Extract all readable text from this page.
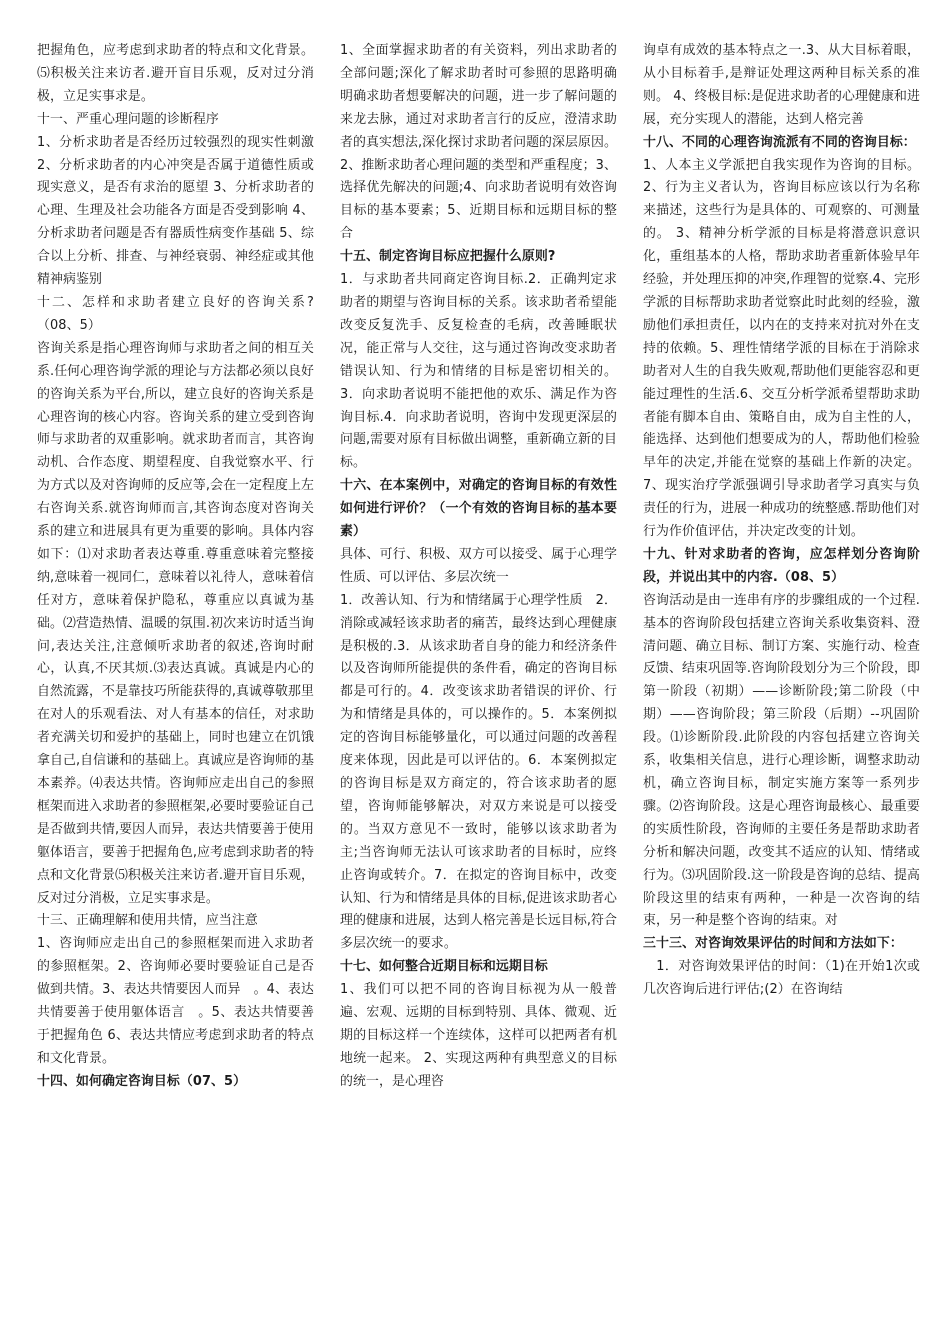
把握角色，应考虑到求助者的特点和文化背景。⑸积极关注来访者.避开盲目乐观，反对过分消极，立足实事求是。

十一、严重心理问题的诊断程序

1、分析求助者是否经历过较强烈的现实性刺激 2、分析求助者的内心冲突是否属于道德性质或现实意义，是否有求治的愿望 3、分析求助者的心理、生理及社会功能各方面是否受到影响 4、分析求助者问题是否有器质性病变作基础 5、综合以上分析、排查、与神经衰弱、神经症或其他精神病鉴别

十二、怎样和求助者建立良好的咨询关系?（08、5）

咨询关系是指心理咨询师与求助者之间的相互关系.任何心理咨询学派的理论与方法都必须以良好的咨询关系为平台,所以，建立良好的咨询关系是心理咨询的核心内容。咨询关系的建立受到咨询师与求助者的双重影响。就求助者而言，其咨询动机、合作态度、期望程度、自我觉察水平、行为方式以及对咨询师的反应等,会在一定程度上左右咨询关系.就咨询师而言,其咨询态度对咨询关系的建立和进展具有更为重要的影响。具体内容如下：⑴对求助者表达尊重.尊重意味着完整接纳,意味着一视同仁，意味着以礼待人，意味着信任对方，意味着保护隐私，尊重应以真诚为基础。⑵营造热情、温暖的氛围.初次来访时适当询问,表达关注,注意倾听求助者的叙述,咨询时耐心，认真,不厌其烦.⑶表达真诚。真诚是内心的自然流露，不是靠技巧所能获得的,真诚尊敬那里在对人的乐观看法、对人有基本的信任，对求助者充满关切和爱护的基础上，同时也建立在饥饿拿自己,自信谦和的基础上。真诚应是咨询师的基本素养。⑷表达共情。咨询师应走出自己的参照框架而进入求助者的参照框架,必要时要验证自己是否做到共情,要因人而异，表达共情要善于使用躯体语言，要善于把握角色,应考虑到求助者的特点和文化背景⑸积极关注来访者.避开盲目乐观，反对过分消极，立足实事求是。

十三、正确理解和使用共情，应当注意

1、咨询师应走出自己的参照框架而进入求助者的参照框架。2、咨询师必要时要验证自己是否做到共情。3、表达共情要因人而异　。4、表达共情要善于使用躯体语言　。5、表达共情要善于把握角色 6、表达共情应考虑到求助者的特点和文化背景。

十四、如何确定咨询目标（07、5）

1、全面掌握求助者的有关资料，列出求助者的全部问题;深化了解求助者时可参照的思路明确明确求助者想要解决的问题，进一步了解问题的来龙去脉，通过对求助者言行的反应，澄清求助者的真实想法,深化探讨求助者问题的深层原因。2、推断求助者心理问题的类型和严重程度；3、选择优先解决的问题;4、向求助者说明有效咨询目标的基本要素；5、近期目标和远期目标的整合

十五、制定咨询目标应把握什么原则?

1．与求助者共同商定咨询目标.2．正确判定求助者的期望与咨询目标的关系。该求助者希望能改变反复洗手、反复检查的毛病，改善睡眠状况，能正常与人交往，这与通过咨询改变求助者错误认知、行为和情绪的目标是密切相关的。3．向求助者说明不能把他的欢乐、满足作为咨询目标.4．向求助者说明，咨询中发现更深层的问题,需要对原有目标做出调整，重新确立新的目标。

十六、在本案例中，对确定的咨询目标的有效性如何进行评价？（一个有效的咨询目标的基本要素）

具体、可行、积极、双方可以接受、属于心理学性质、可以评估、多层次统一

1．改善认知、行为和情绪属于心理学性质　2．消除或减轻该求助者的痛苦，最终达到心理健康是积极的.3．从该求助者自身的能力和经济条件以及咨询师所能提供的条件看，确定的咨询目标都是可行的。4．改变该求助者错误的评价、行为和情绪是具体的，可以操作的。5．本案例拟定的咨询目标能够量化，可以通过问题的改善程度来体现，因此是可以评估的。6．本案例拟定的咨询目标是双方商定的，符合该求助者的愿望，咨询师能够解决，对双方来说是可以接受的。当双方意见不一致时，能够以该求助者为主;当咨询师无法认可该求助者的目标时，应终止咨询或转介。7．在拟定的咨询目标中，改变认知、行为和情绪是具体的目标,促进该求助者心理的健康和进展，达到人格完善是长远目标,符合多层次统一的要求。

十七、如何整合近期目标和远期目标

1、我们可以把不同的咨询目标视为从一般普遍、宏观、远期的目标到特别、具体、微观、近期的目标这样一个连续体，这样可以把两者有机地统一起来。 2、实现这两种有典型意义的目标的统一，是心理咨

询卓有成效的基本特点之一.3、从大目标着眼，从小目标着手,是辩证处理这两种目标关系的准则。 4、终极目标:是促进求助者的心理健康和进展，充分实现人的潜能，达到人格完善

十八、不同的心理咨询流派有不同的咨询目标：

1、人本主义学派把自我实现作为咨询的目标。2、行为主义者认为，咨询目标应该以行为名称来描述，这些行为是具体的、可观察的、可测量的。 3、精神分析学派的目标是将潜意识意识化，重组基本的人格，帮助求助者重新体验早年经验，并处理压抑的冲突,作理智的觉察.4、完形学派的目标帮助求助者觉察此时此刻的经验，激励他们承担责任，以内在的支持来对抗对外在支持的依赖。5、理性情绪学派的目标在于消除求助者对人生的自我失败观,帮助他们更能容忍和更能过理性的生活.6、交互分析学派希望帮助求助者能有脚本自由、策略自由，成为自主性的人，能选择、达到他们想要成为的人，帮助他们检验早年的决定,并能在觉察的基础上作新的决定。7、现实治疗学派强调引导求助者学习真实与负责任的行为，进展一种成功的统整感.帮助他们对行为作价值评估，并决定改变的计划。

十九、针对求助者的咨询，应怎样划分咨询阶段，并说出其中的内容.（08、5）

咨询活动是由一连串有序的步骤组成的一个过程.基本的咨询阶段包括建立咨询关系收集资料、澄清问题、确立目标、制订方案、实施行动、检查反馈、结束巩固等.咨询阶段划分为三个阶段，即第一阶段（初期）——诊断阶段;第二阶段（中期）——咨询阶段；第三阶段（后期）--巩固阶段。⑴诊断阶段.此阶段的内容包括建立咨询关系，收集相关信息，进行心理诊断，调整求助动机，确立咨询目标，制定实施方案等一系列步骤。⑵咨询阶段。这是心理咨询最核心、最重要的实质性阶段，咨询师的主要任务是帮助求助者分析和解决问题，改变其不适应的认知、情绪或行为。⑶巩固阶段.这一阶段是咨询的总结、提高阶段这里的结束有两种，一种是一次咨询的结束，另一种是整个咨询的结束。对

三十三、对咨询效果评估的时间和方法如下：

　1．对咨询效果评估的时间：（1)在开始1次或几次咨询后进行评估;(2）在咨询结
